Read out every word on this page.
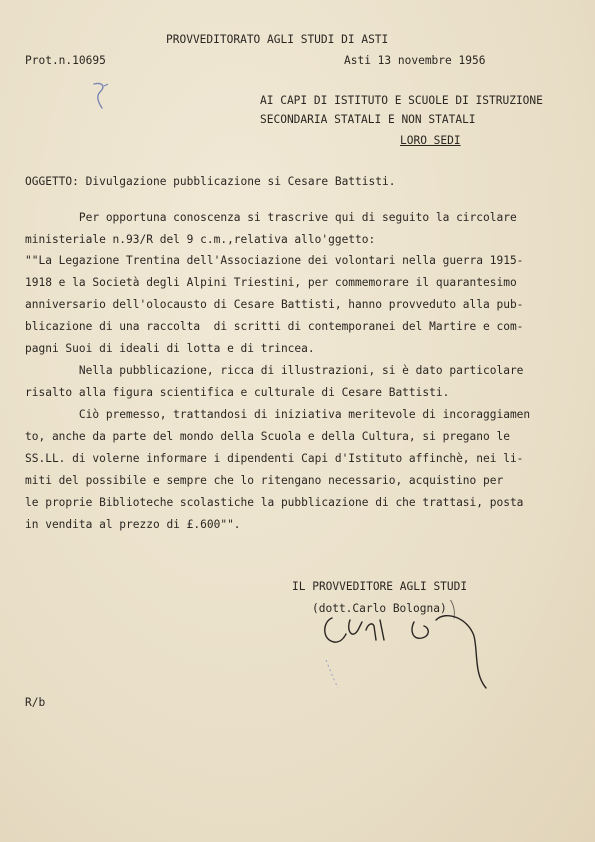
PROVVEDITORATO AGLI STUDI DI ASTI
Prot.n.10695	Asti 13 novembre 1956
AI CAPI DI ISTITUTO E SCUOLE DI ISTRUZIONE
SECONDARIA STATALI E NON STATALI
LORO SEDI
OGGETTO: Divulgazione pubblicazione si Cesare Battisti.
Per opportuna conoscenza si trascrive qui di seguito la circolare
ministeriale n.93/R del 9 c.m.,relativa allo'ggetto:
""La Legazione Trentina dell'Associazione dei volontari nella guerra 1915-
1918 e la Società degli Alpini Triestini, per commemorare il quarantesimo
anniversario dell'olocausto di Cesare Battisti, hanno provveduto alla pub-
blicazione di una raccolta  di scritti di contemporanei del Martire e com-
pagni Suoi di ideali di lotta e di trincea.
Nella pubblicazione, ricca di illustrazioni, si è dato particolare
risalto alla figura scientifica e culturale di Cesare Battisti.
Ciò premesso, trattandosi di iniziativa meritevole di incoraggiamen
to, anche da parte del mondo della Scuola e della Cultura, si pregano le
SS.LL. di volerne informare i dipendenti Capi d'Istituto affinchè, nei li-
miti del possibile e sempre che lo ritengano necessario, acquistino per
le proprie Biblioteche scolastiche la pubblicazione di che trattasi, posta
in vendita al prezzo di £.600"".
IL PROVVEDITORE AGLI STUDI
(dott.Carlo Bologna)
R/b
